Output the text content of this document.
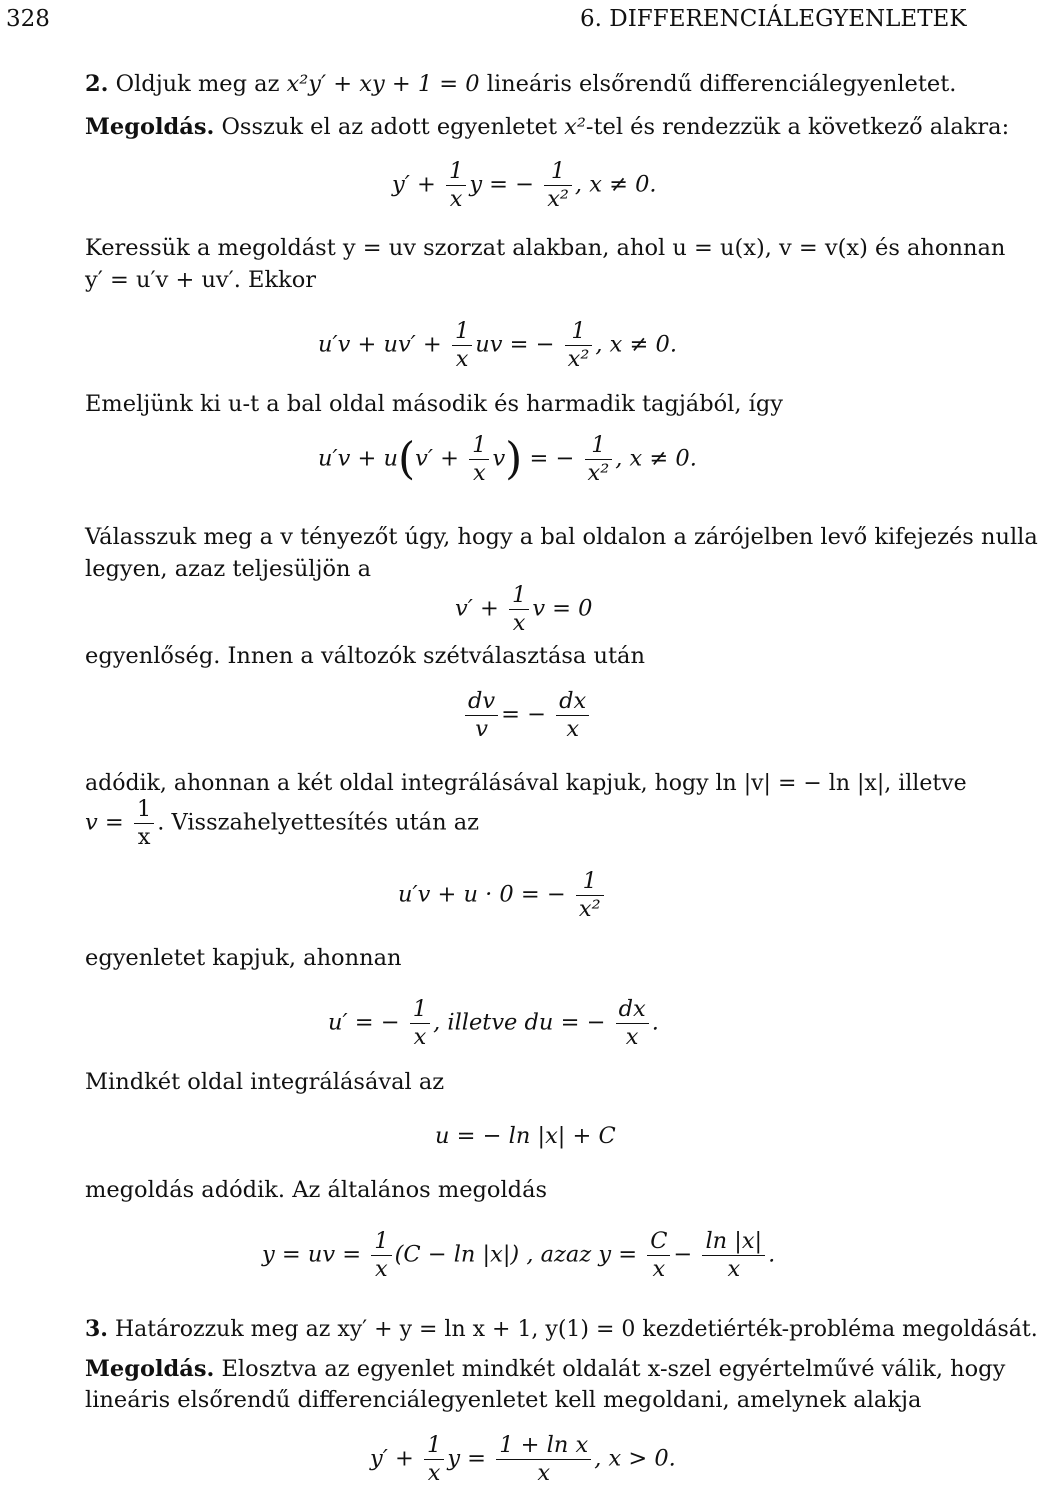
328	6. DIFFERENCIÁLEGYENLETEK
2. Oldjuk meg az x²y′ + xy + 1 = 0 lineáris elsőrendű differenciálegyenletet.
Megoldás. Osszuk el az adott egyenletet x²-tel és rendezzük a következő alakra:
$y' + \frac{1}{x}$ y = − $\frac{1}{\text{x²}}$ , x ≠ 0.
Keressük a megoldást y = uv szorzat alakban, ahol u = u(x), v = v(x) és ahonnan
y′ = u′v + uv′. Ekkor
$u'v + uv' + \frac{1}{x}$ uv = − $\frac{1}{\text{x²}}$ , x ≠ 0.
Emeljünk ki u-t a bal oldal második és harmadik tagjából, így
$u'v + u(v' + \frac{1}{x} v)$ = − $\frac{1}{\text{x²}}$ , x ≠ 0.
Válasszuk meg a v tényezőt úgy, hogy a bal oldalon a zárójelben levő kifejezés nulla
legyen, azaz teljesüljön a
$v' + \frac{1}{x}$ v = 0
egyenlőség. Innen a változók szétválasztása után
$\frac{dv}{v}$ = − $\frac{dx}{x}$
adódik, ahonnan a két oldal integrálásával kapjuk, hogy ln |v| = − ln |x|, illetve
$v = \frac{1}{x}$ . Visszahelyettesítés után az
u′v + u · 0 = − $\frac{1}{\text{x²}}$
egyenletet kapjuk, ahonnan
u′ = − $\frac{1}{x}$ , illetve du = − $\frac{dx}{x}$ .
Mindkét oldal integrálásával az
u = − ln |x| + C
megoldás adódik. Az általános megoldás
y = uv = $\frac{1}{x} (C - \ln |x|)$ , azaz $y = \frac{C}{x} - \frac{\ln |x|}{x}$ .
3. Határozzuk meg az xy′ + y = ln x + 1, y(1) = 0 kezdetiérték-probléma megoldását.
Megoldás. Elosztva az egyenlet mindkét oldalát x-szel egyértelművé válik, hogy
lineáris elsőrendű differenciálegyenletet kell megoldani, amelynek alakja
$y' + \frac{1}{x}$ $y = \frac{\text{1 + ln x}}{x}$ , x > 0.
